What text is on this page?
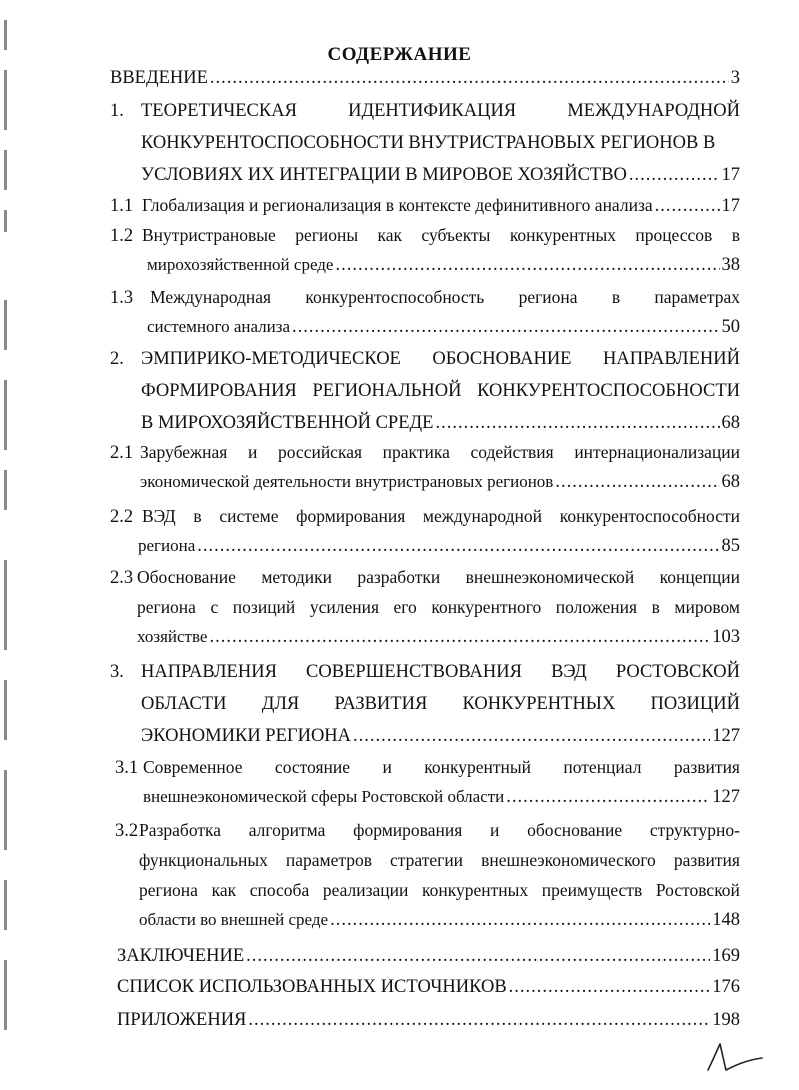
СОДЕРЖАНИЕ
ВВЕДЕНИЕ .....	3
1. ТЕОРЕТИЧЕСКАЯ	ИДЕНТИФИКАЦИЯ	МЕЖДУНАРОДНОЙ
КОНКУРЕНТОСПОСОБНОСТИ ВНУТРИСТРАНОВЫХ РЕГИОНОВ В
УСЛОВИЯХ ИХ ИНТЕГРАЦИИ В МИРОВОЕ ХОЗЯЙСТВО .....	17
1.1 Глобализация и регионализация в контексте дефинитивного анализа .....	17
1.2 Внутристрановые регионы как субъекты конкурентных процессов в
мирохозяйственной среде .....	38
1.3 Международная конкурентоспособность региона в параметрах
системного анализа .....	50
2. ЭМПИРИКО-МЕТОДИЧЕСКОЕ ОБОСНОВАНИЕ НАПРАВЛЕНИЙ
ФОРМИРОВАНИЯ РЕГИОНАЛЬНОЙ КОНКУРЕНТОСПОСОБНОСТИ
В МИРОХОЗЯЙСТВЕННОЙ СРЕДЕ .....	68
2.1 Зарубежная и российская практика содействия интернационализации
экономической деятельности внутристрановых регионов .....	68
2.2 ВЭД в системе формирования международной конкурентоспособности
региона .....	85
2.3 Обоснование методики разработки внешнеэкономической концепции
региона с позиций усиления его конкурентного положения в мировом
хозяйстве .....	103
3. НАПРАВЛЕНИЯ СОВЕРШЕНСТВОВАНИЯ ВЭД РОСТОВСКОЙ
ОБЛАСТИ ДЛЯ РАЗВИТИЯ КОНКУРЕНТНЫХ ПОЗИЦИЙ
ЭКОНОМИКИ РЕГИОНА .....	127
3.1 Современное состояние и конкурентный потенциал развития
внешнеэкономической сферы Ростовской области .....	127
3.2 Разработка алгоритма формирования и обоснование структурно-
функциональных параметров стратегии внешнеэкономического развития
региона как способа реализации конкурентных преимуществ Ростовской
области во внешней среде .....	148
ЗАКЛЮЧЕНИЕ .....	169
СПИСОК ИСПОЛЬЗОВАННЫХ ИСТОЧНИКОВ .....	176
ПРИЛОЖЕНИЯ .....	198
